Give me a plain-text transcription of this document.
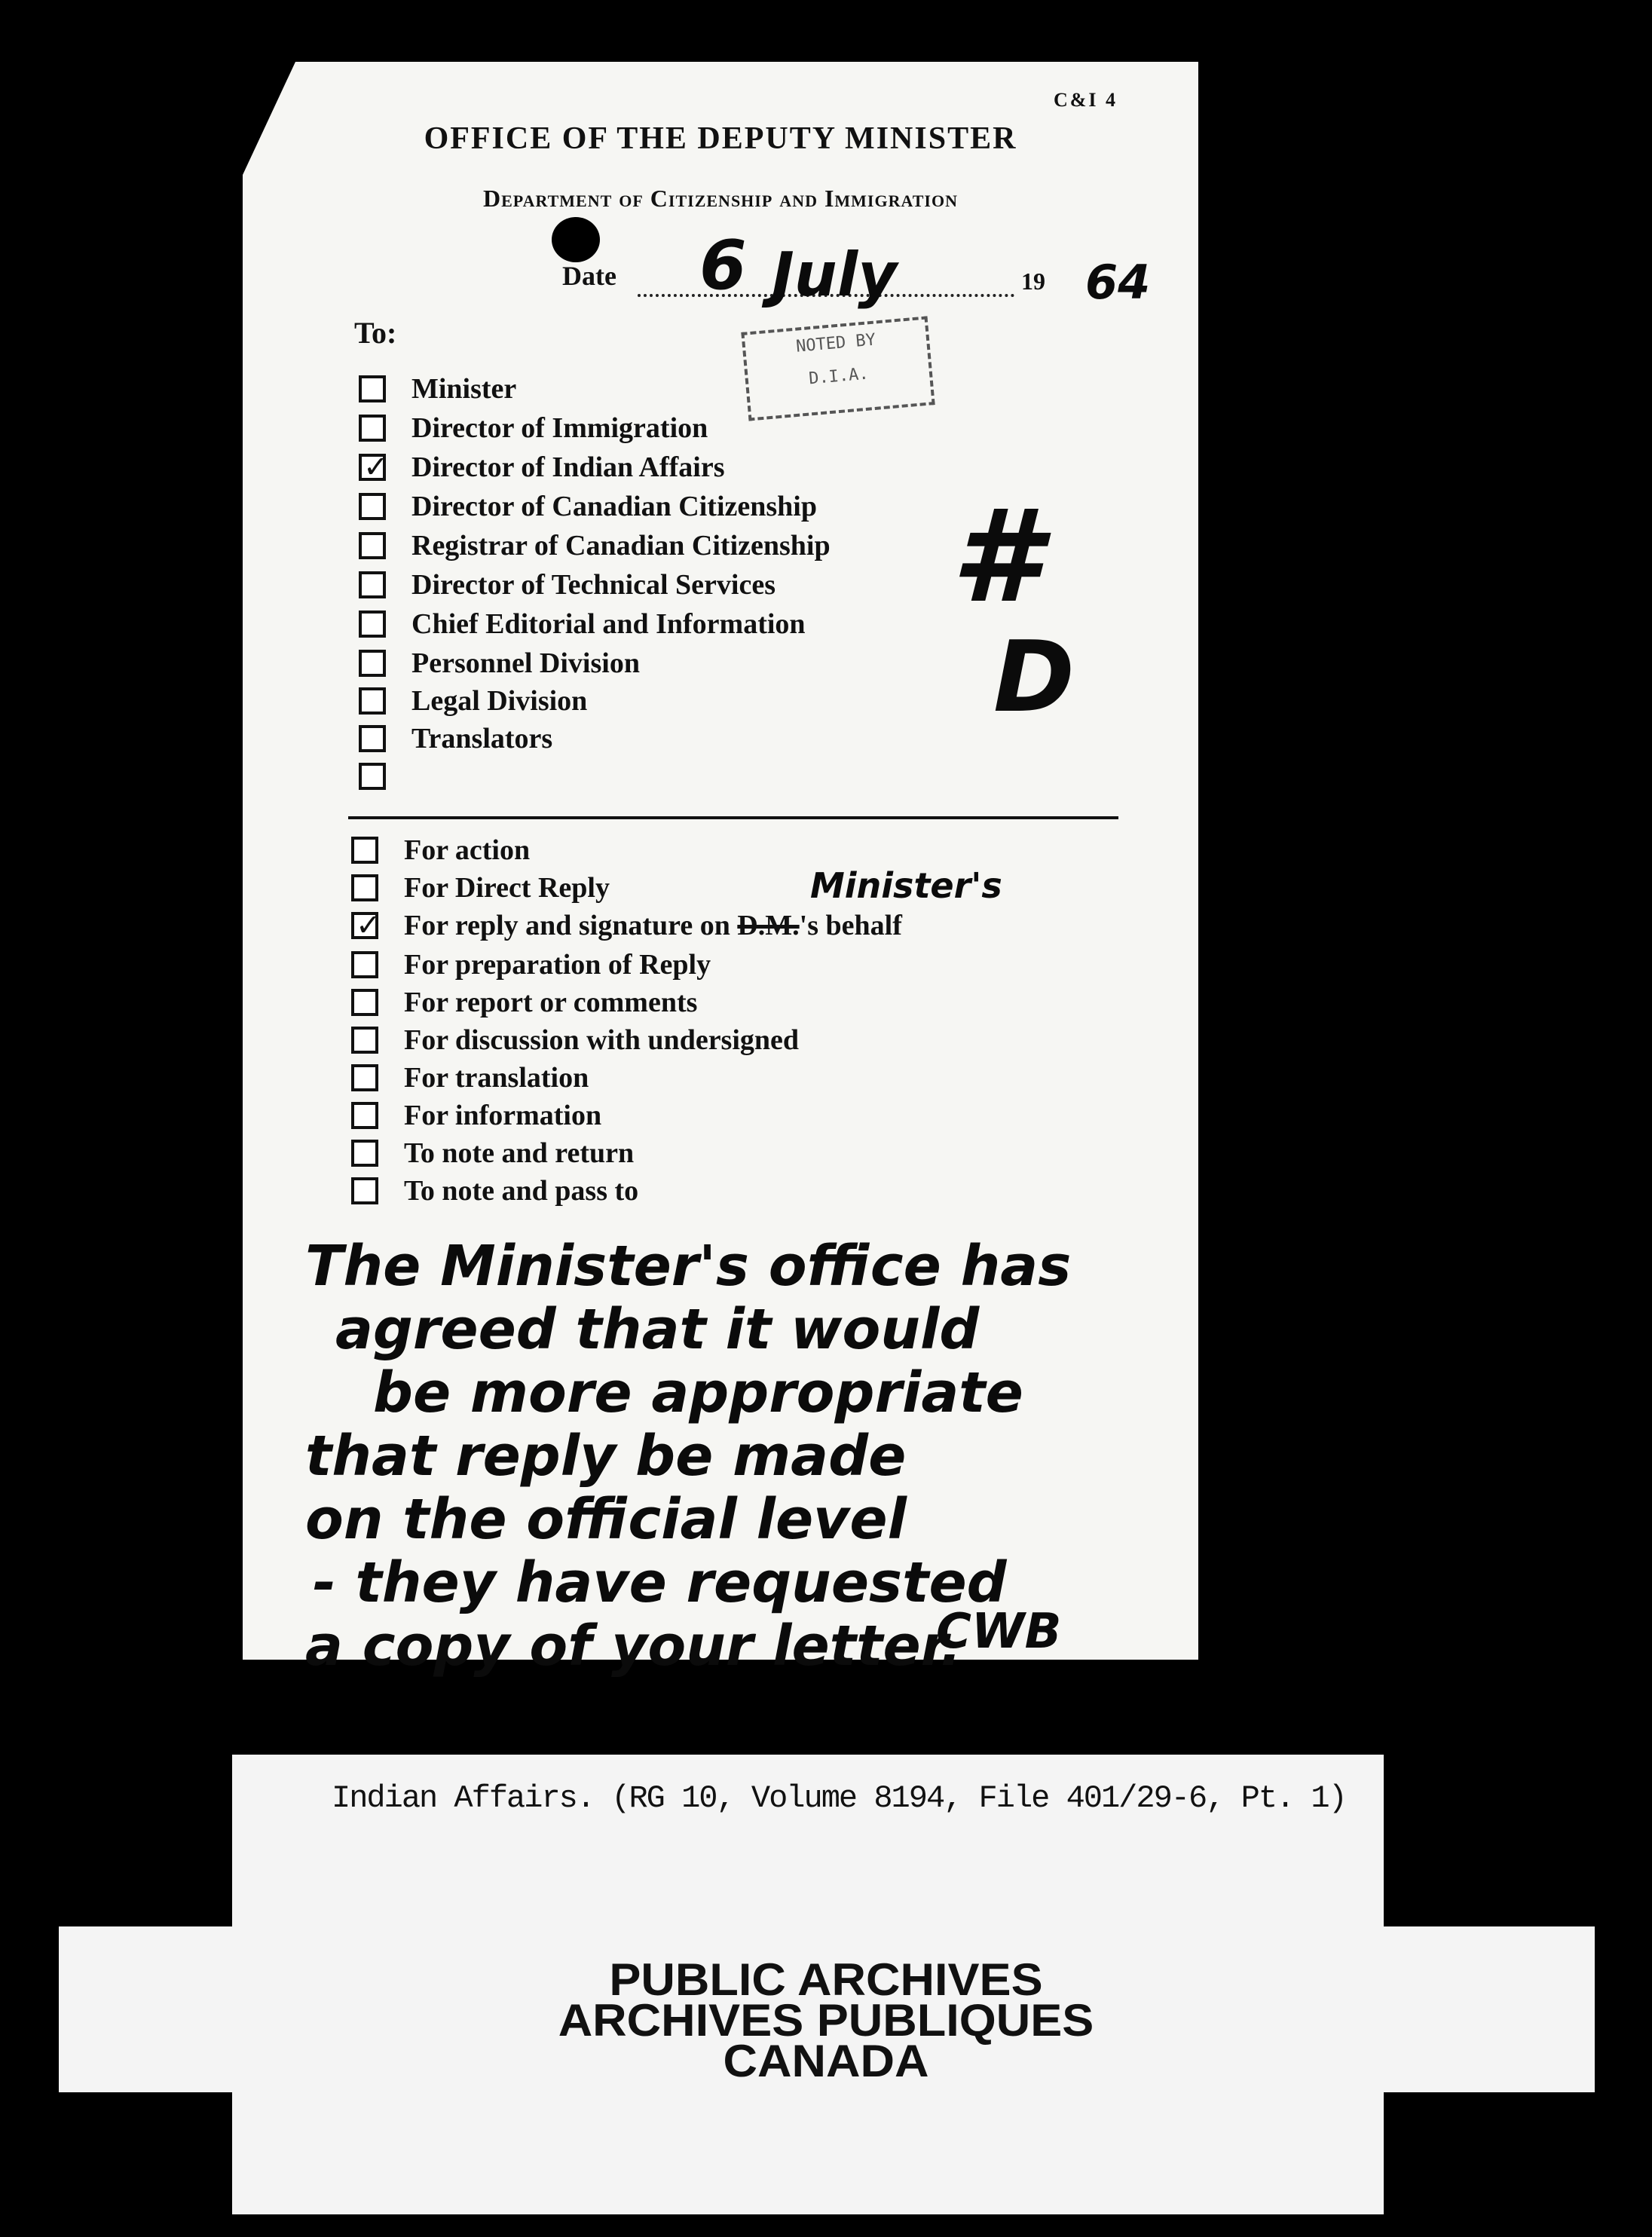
C&I 4
OFFICE OF THE DEPUTY MINISTER
Department of Citizenship and Immigration
Date	19
6 July	64
To:	NOTED BY
D.I.A.
Minister
Director of Immigration
✓ Director of Indian Affairs
Director of Canadian Citizenship
Registrar of Canadian Citizenship
Director of Technical Services
Chief Editorial and Information
Personnel Division
Legal Division
Translators
#
D
For action
For Direct Reply
✓ For reply and signature on D.M.'s behalf
For preparation of Reply
For report or comments
For discussion with undersigned
For translation
For information
To note and return
To note and pass to
Minister's
The Minister's office has
agreed that it would
be more appropriate
that reply be made
on the official level
- they have requested
a copy of your letter.
CWB
Indian Affairs. (RG 10, Volume 8194, File 401/29-6, Pt. 1)
PUBLIC ARCHIVES
ARCHIVES PUBLIQUES
CANADA
